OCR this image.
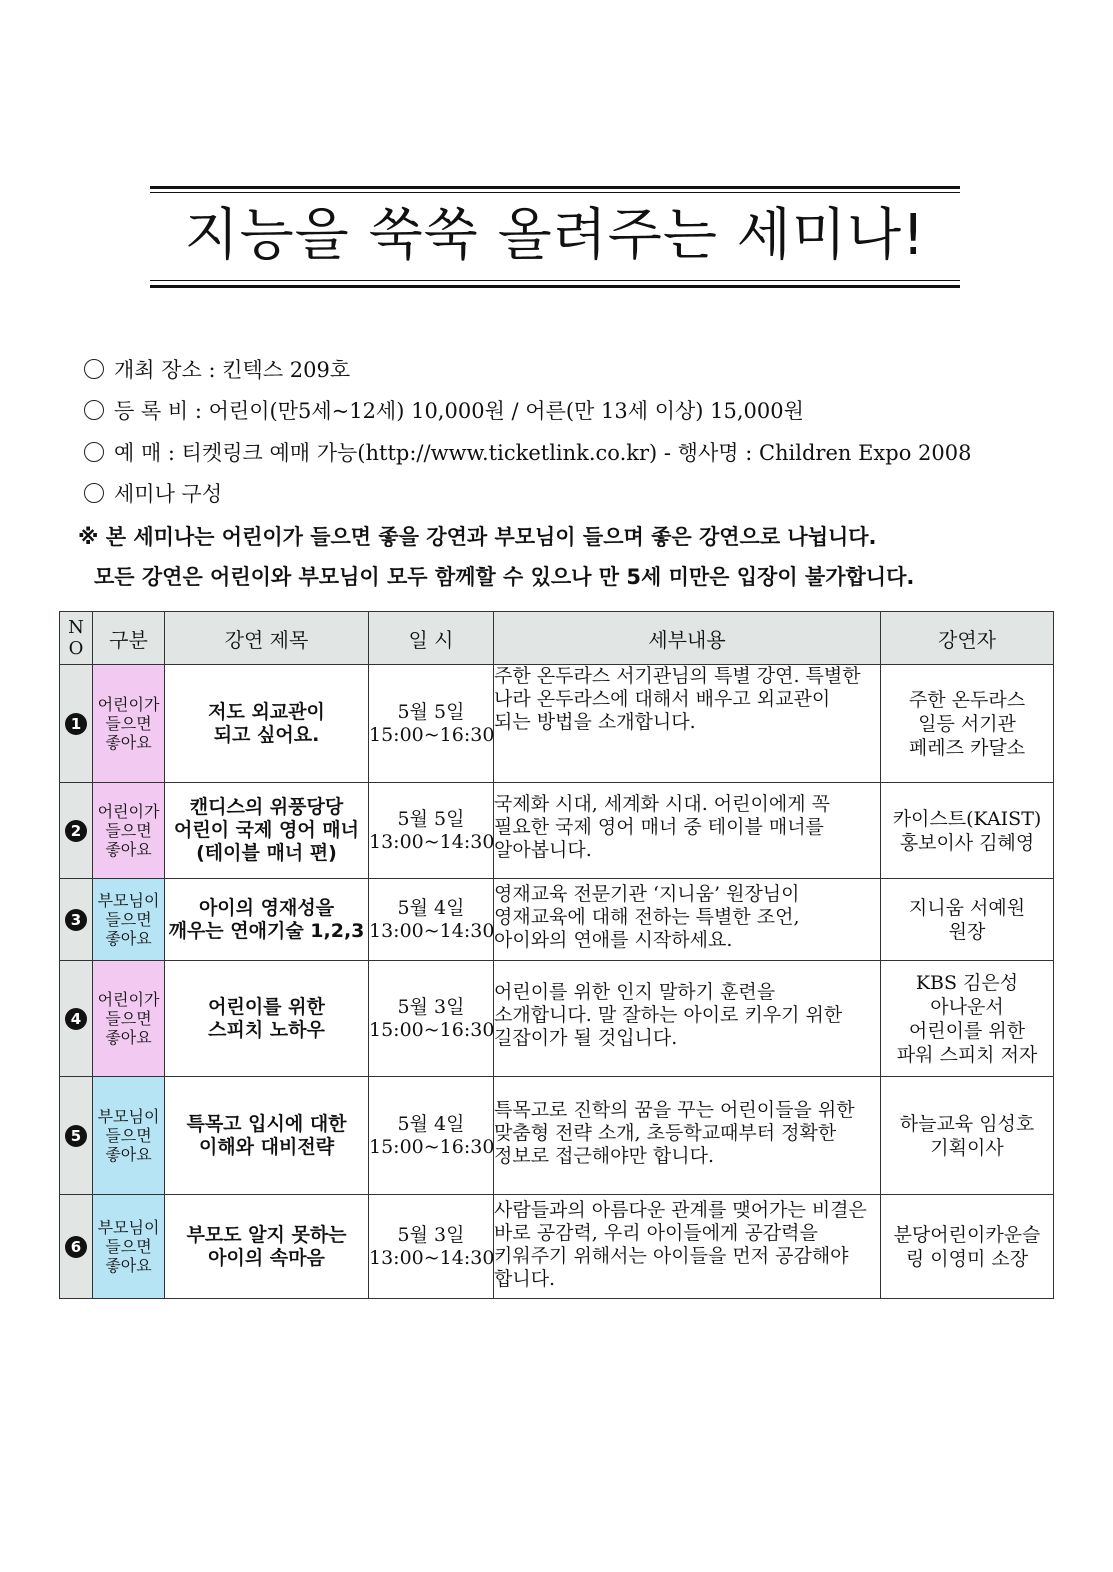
지능을 쑥쑥 올려주는 세미나!
개최 장소 : 킨텍스 209호
등 록 비 : 어린이(만5세~12세) 10,000원 / 어른(만 13세 이상) 15,000원
예 매 : 티켓링크 예매 가능(http://www.ticketlink.co.kr) - 행사명 : Children Expo 2008
세미나 구성
※ 본 세미나는 어린이가 들으면 좋을 강연과 부모님이 들으며 좋은 강연으로 나뉩니다.
모든 강연은 어린이와 부모님이 모두 함께할 수 있으나 만 5세 미만은 입장이 불가합니다.
N
O	구분	강연 제목	일 시	세부내용	강연자
1	어린이가
들으면
좋아요	저도 외교관이
되고 싶어요.	5월 5일
15:00~16:30	주한 온두라스 서기관님의 특별 강연. 특별한
나라 온두라스에 대해서 배우고 외교관이
되는 방법을 소개합니다.	주한 온두라스
일등 서기관
페레즈 카달소
2	어린이가
들으면
좋아요	캔디스의 위풍당당
어린이 국제 영어 매너
(테이블 매너 편)	5월 5일
13:00~14:30	국제화 시대, 세계화 시대. 어린이에게 꼭
필요한 국제 영어 매너 중 테이블 매너를
알아봅니다.	카이스트(KAIST)
홍보이사 김혜영
3	부모님이
들으면
좋아요	아이의 영재성을
깨우는 연애기술 1,2,3	5월 4일
13:00~14:30	영재교육 전문기관 ‘지니움’ 원장님이
영재교육에 대해 전하는 특별한 조언,
아이와의 연애를 시작하세요.	지니움 서예원
원장
4	어린이가
들으면
좋아요	어린이를 위한
스피치 노하우	5월 3일
15:00~16:30	어린이를 위한 인지 말하기 훈련을
소개합니다. 말 잘하는 아이로 키우기 위한
길잡이가 될 것입니다.	KBS 김은성
아나운서
어린이를 위한
파워 스피치 저자
5	부모님이
들으면
좋아요	특목고 입시에 대한
이해와 대비전략	5월 4일
15:00~16:30	특목고로 진학의 꿈을 꾸는 어린이들을 위한
맞춤형 전략 소개, 초등학교때부터 정확한
정보로 접근해야만 합니다.	하늘교육 임성호
기획이사
6	부모님이
들으면
좋아요	부모도 알지 못하는
아이의 속마음	5월 3일
13:00~14:30	사람들과의 아름다운 관계를 맺어가는 비결은
바로 공감력, 우리 아이들에게 공감력을
키워주기 위해서는 아이들을 먼저 공감해야
합니다.	분당어린이카운슬
링 이영미 소장
